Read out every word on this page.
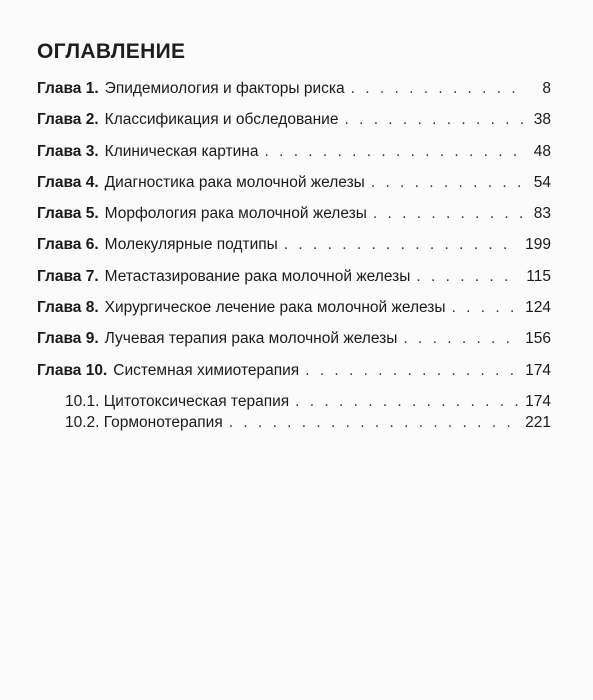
ОГЛАВЛЕНИЕ
Глава 1. Эпидемиология и факторы риска . . .	8
Глава 2. Классификация и обследование . . .	38
Глава 3. Клиническая картина . . .	48
Глава 4. Диагностика рака молочной железы . . .	54
Глава 5. Морфология рака молочной железы . . .	83
Глава 6. Молекулярные подтипы . . .	199
Глава 7. Метастазирование рака молочной железы . . .	115
Глава 8. Хирургическое лечение рака молочной железы . . .	124
Глава 9. Лучевая терапия рака молочной железы . . .	156
Глава 10. Системная химиотерапия . . .	174
10.1. Цитотоксическая терапия . . .	174
10.2. Гормонотерапия . . .	221
